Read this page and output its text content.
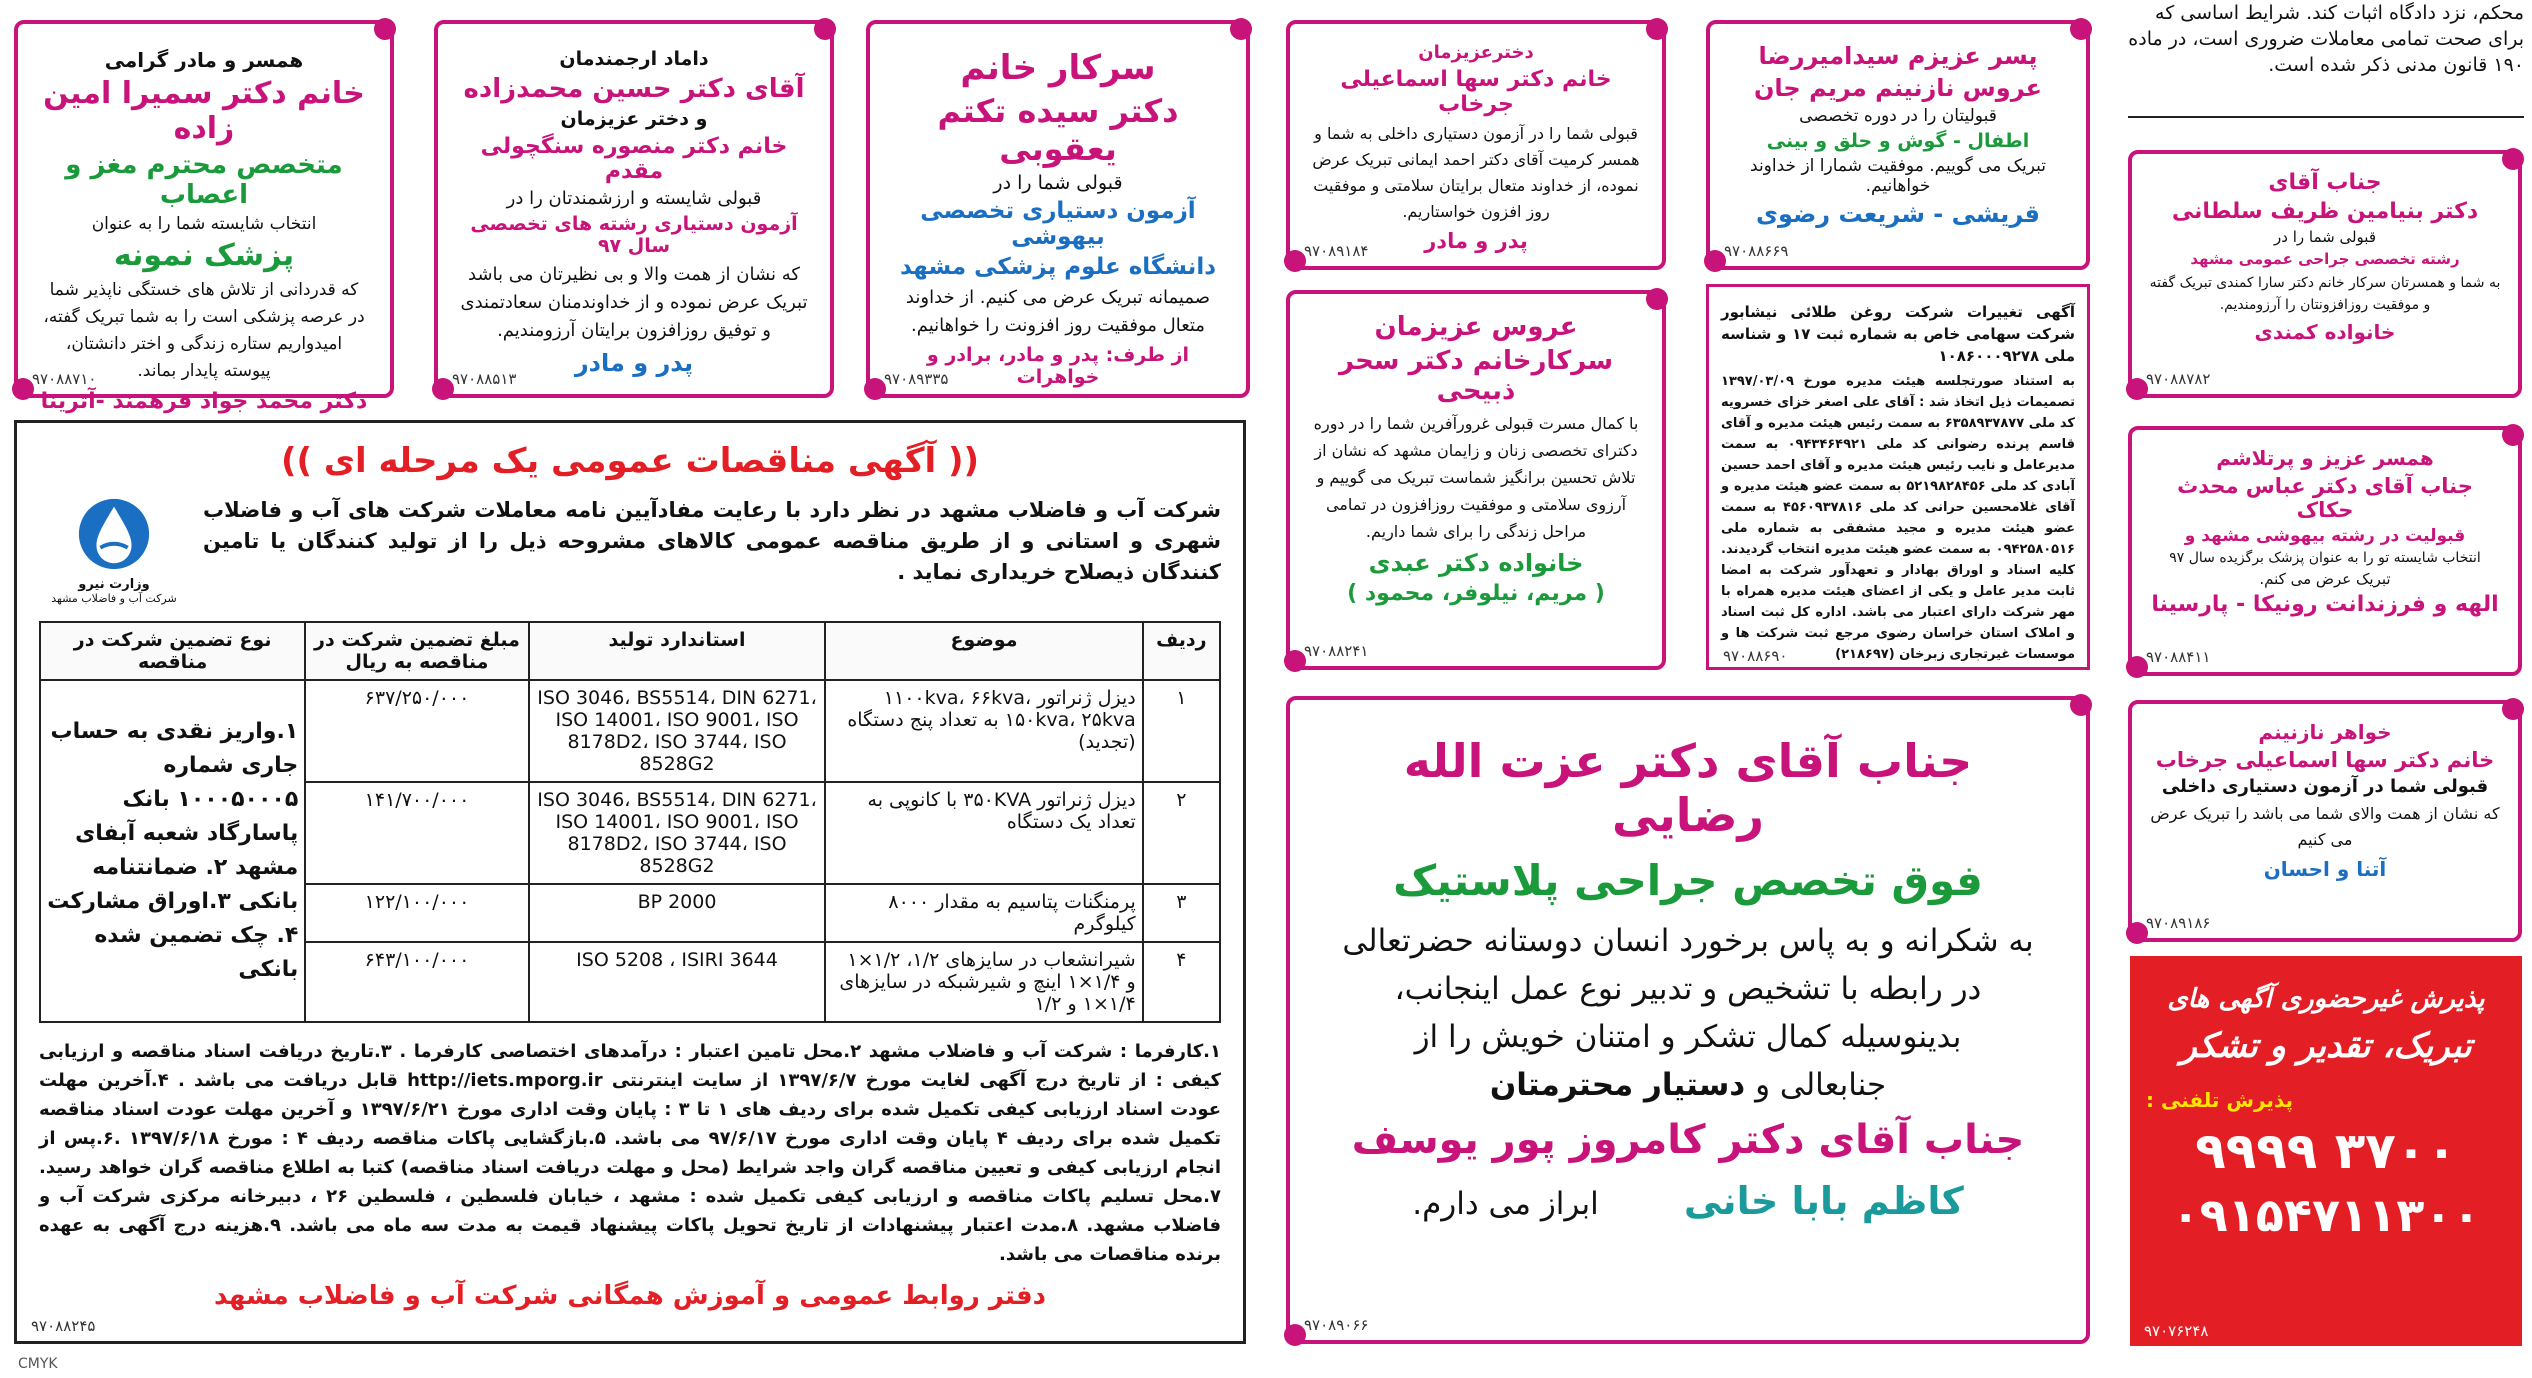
محکم، نزد دادگاه اثبات کند. شرایط اساسی که برای صحت تمامی معاملات ضروری است، در ماده ۱۹۰ قانون مدنی ذکر شده است.
همسر و مادر گرامی
خانم دکتر سمیرا امین زاده
متخصص محترم مغز و اعصاب
انتخاب شایسته شما را به عنوان
پزشک نمونه
که قدردانی از تلاش های خستگی ناپذیر شما در عرصه پزشکی است را به شما تبریک گفته، امیدواریم ستاره زندگی و اختر دانشتان، پیوسته پایدار بماند.
دکتر محمد جواد فرهمند -آترینا
۹۷۰۸۸۷۱۰
داماد ارجمندمان
آقای دکتر حسین محمدزاده
و دختر عزیزمان
خانم دکتر منصوره سنگچولی مقدم
قبولی شایسته و ارزشمندتان را در
آزمون دستیاری رشته های تخصصی سال ۹۷
که نشان از همت والا و بی نظیرتان می باشد تبریک عرض نموده و از خداوندمنان سعادتمندی و توفیق روزافزون برایتان آرزومندیم.
پدر و مادر
۹۷۰۸۸۵۱۳
سرکار خانم
دکتر سیده تکتم یعقوبی
قبولی شما را در
آزمون دستیاری تخصصی بیهوشی
دانشگاه علوم پزشکی مشهد
صمیمانه تبریک عرض می کنیم. از خداوند متعال موفقیت روز افزونت را خواهانیم.
از طرف: پدر و مادر، برادر و خواهرات
۹۷۰۸۹۳۳۵
دخترعزیزمان
خانم دکتر سها اسماعیلی جرخاب
قبولی شما را در آزمون دستیاری داخلی به شما و همسر کرمیت آقای دکتر احمد ایمانی تبریک عرض نموده، از خداوند متعال برایتان سلامتی و موفقیت روز افزون خواستاریم.
پدر و مادر
۹۷۰۸۹۱۸۴
پسر عزیزم سیدامیررضا
عروس نازنینم مریم جان
قبولیتان را در دوره تخصصی
اطفال - گوش و حلق و بینی
تبریک می گوییم. موفقیت شمارا از خداوند خواهانیم.
قریشی - شریعت رضوی
۹۷۰۸۸۶۶۹
عروس عزیزمان
سرکارخانم دکتر سحر ذبیحی
با کمال مسرت قبولی غرورآفرین شما را در دوره دکترای تخصصی زنان و زایمان مشهد که نشان از تلاش تحسین برانگیز شماست تبریک می گوییم و آرزوی سلامتی و موفقیت روزافزون در تمامی مراحل زندگی را برای شما داریم.
خانواده دکتر عبدی
( مریم، نیلوفر، محمود )
۹۷۰۸۸۲۴۱
آگهی تغییرات شرکت روغن طلائی نیشابور شرکت سهامی خاص به شماره ثبت ۱۷ و شناسه ملی ۱۰۸۶۰۰۰۹۲۷۸
به استناد صورتجلسه هیئت مدیره مورخ ۱۳۹۷/۰۳/۰۹ تصمیمات ذیل اتخاذ شد : آقای علی اصغر خزای خسرویه کد ملی ۶۳۵۸۹۳۷۸۷۷ به سمت رئیس هیئت مدیره و آقای قاسم پرنده رضوانی کد ملی ۰۹۴۳۴۶۴۹۲۱ به سمت مدیرعامل و نایب رئیس هیئت مدیره و آقای احمد حسین آبادی کد ملی ۵۲۱۹۸۲۸۴۵۶ به سمت عضو هیئت مدیره و آقای غلامحسین حرانی کد ملی ۴۵۶۰۹۳۷۸۱۶ به سمت عضو هیئت مدیره و مجید مشفقی به شماره ملی ۰۹۴۲۵۸۰۵۱۶ به سمت عضو هیئت مدیره انتخاب گردیدند. کلیه اسناد و اوراق بهادار و تعهدآور شرکت به امضا ثابت مدیر عامل و یکی از اعضای هیئت مدیره همراه با مهر شرکت دارای اعتبار می باشد. اداره کل ثبت اسناد و املاک استان خراسان رضوی مرجع ثبت شرکت ها و موسسات غیرتجاری زبرخان (۲۱۸۶۹۷)
۹۷۰۸۸۶۹۰
جناب آقای
دکتر بنیامین ظریف سلطانی
قبولی شما را در
رشته تخصصی جراحی عمومی مشهد
به شما و همسرتان سرکار خانم دکتر سارا کمندی تبریک گفته و موفقیت روزافزونتان را آرزومندیم.
خانواده کمندی
۹۷۰۸۸۷۸۲
همسر عزیز و پرتلاشم
جناب آقای دکتر عباس محدث حکاک
قبولیت در رشته بیهوشی مشهد و
انتخاب شایسته تو را به عنوان پزشک برگزیده سال ۹۷
تبریک عرض می کنم.
الهه و فرزندانت رونیکا - پارسینا
۹۷۰۸۸۴۱۱
خواهر نازنینم
خانم دکتر سها اسماعیلی جرخاب
قبولی شما در آزمون دستیاری داخلی
که نشان از همت والای شما می باشد را تبریک عرض می کنیم
آتنا و احسان
۹۷۰۸۹۱۸۶
جناب آقای دکتر عزت الله رضایی
فوق تخصص جراحی پلاستیک
به شکرانه و به پاس برخورد انسان دوستانه حضرتعالی
در رابطه با تشخیص و تدبیر نوع عمل اینجانب،
بدینوسیله کمال تشکر و امتنان خویش را از
جنابعالی و دستیار محترمتان
جناب آقای دکتر کامروز پور یوسف
کاظم بابا خانی ابراز می دارم.
۹۷۰۸۹۰۶۶
پذیرش غیرحضوری آگهی های
تبریک، تقدیر و تشکر
پذیرش تلفنی :
۳۷۰۰ ۹۹۹۹
۰۹۱۵۴۷۱۱۳۰۰
۹۷۰۷۶۲۴۸
(( آگهی مناقصات عمومی یک مرحله ای ))
شرکت آب و فاضلاب مشهد در نظر دارد با رعایت مفادآیین نامه معاملات شرکت های آب و فاضلاب شهری و استانی و از طریق مناقصه عمومی کالاهای مشروحه ذیل را از تولید کنندگان یا تامین کنندگان ذیصلاح خریداری نماید .
وزارت نیرو
شرکت آب و فاضلاب مشهد
ردیف	موضوع	استاندارد تولید	مبلغ تضمین شرکت در مناقصه به ریال	نوع تضمین شرکت در مناقصه
۱	دیزل ژنراتور ۱۱۰۰kva، ۶۶kva، ۱۵۰kva، ۲۵kva به تعداد پنج دستگاه (تجدید)	ISO 3046، BS5514، DIN 6271، ISO 14001، ISO 9001، ISO 8178D2، ISO 3744، ISO 8528G2	۶۳۷/۲۵۰/۰۰۰	۱.واریز نقدی به حساب جاری شماره ۱۰۰۰۵۰۰۰۵ بانک پاسارگاد شعبه آبفای مشهد ۲. ضمانتنامه بانکی ۳.اوراق مشارکت ۴. چک تضمین شده بانکی
۲	دیزل ژنراتور ۳۵۰KVA با کانوپی به تعداد یک دستگاه	ISO 3046، BS5514، DIN 6271، ISO 14001، ISO 9001، ISO 8178D2، ISO 3744، ISO 8528G2	۱۴۱/۷۰۰/۰۰۰	
۳	پرمنگنات پتاسیم به مقدار ۸۰۰۰ کیلوگرم	BP 2000	۱۲۲/۱۰۰/۰۰۰	
۴	شیرانشعاب در سایزهای ۱/۲، ۱/۲×۱ و ۱/۴×۱ اینچ و شیرشبکه در سایزهای ۱/۴×۱ و ۱/۲	ISO 5208 ، ISIRI 3644	۶۴۳/۱۰۰/۰۰۰	
۱.کارفرما : شرکت آب و فاضلاب مشهد ۲.محل تامین اعتبار : درآمدهای اختصاصی کارفرما . ۳.تاریخ دریافت اسناد مناقصه و ارزیابی کیفی : از تاریخ درج آگهی لغایت مورخ ۱۳۹۷/۶/۷ از سایت اینترنتی http://iets.mporg.ir قابل دریافت می باشد . ۴.آخرین مهلت عودت اسناد ارزیابی کیفی تکمیل شده برای ردیف های ۱ تا ۳ : پایان وقت اداری مورخ ۱۳۹۷/۶/۲۱ و آخرین مهلت عودت اسناد مناقصه تکمیل شده برای ردیف ۴ پایان وقت اداری مورخ ۹۷/۶/۱۷ می باشد. ۵.بازگشایی پاکات مناقصه ردیف ۴ : مورخ ۱۳۹۷/۶/۱۸ .۶.پس از انجام ارزیابی کیفی و تعیین مناقصه گران واجد شرایط (محل و مهلت دریافت اسناد مناقصه) کتبا به اطلاع مناقصه گران خواهد رسید. ۷.محل تسلیم پاکات مناقصه و ارزیابی کیفی تکمیل شده : مشهد ، خیابان فلسطین ، فلسطین ۲۶ ، دبیرخانه مرکزی شرکت آب و فاضلاب مشهد. ۸.مدت اعتبار پیشنهادات از تاریخ تحویل پاکات پیشنهاد قیمت به مدت سه ماه می باشد. ۹.هزینه درج آگهی به عهده برنده مناقصات می باشد.
دفتر روابط عمومی و آموزش همگانی شرکت آب و فاضلاب مشهد
۹۷۰۸۸۲۴۵
CMYK
